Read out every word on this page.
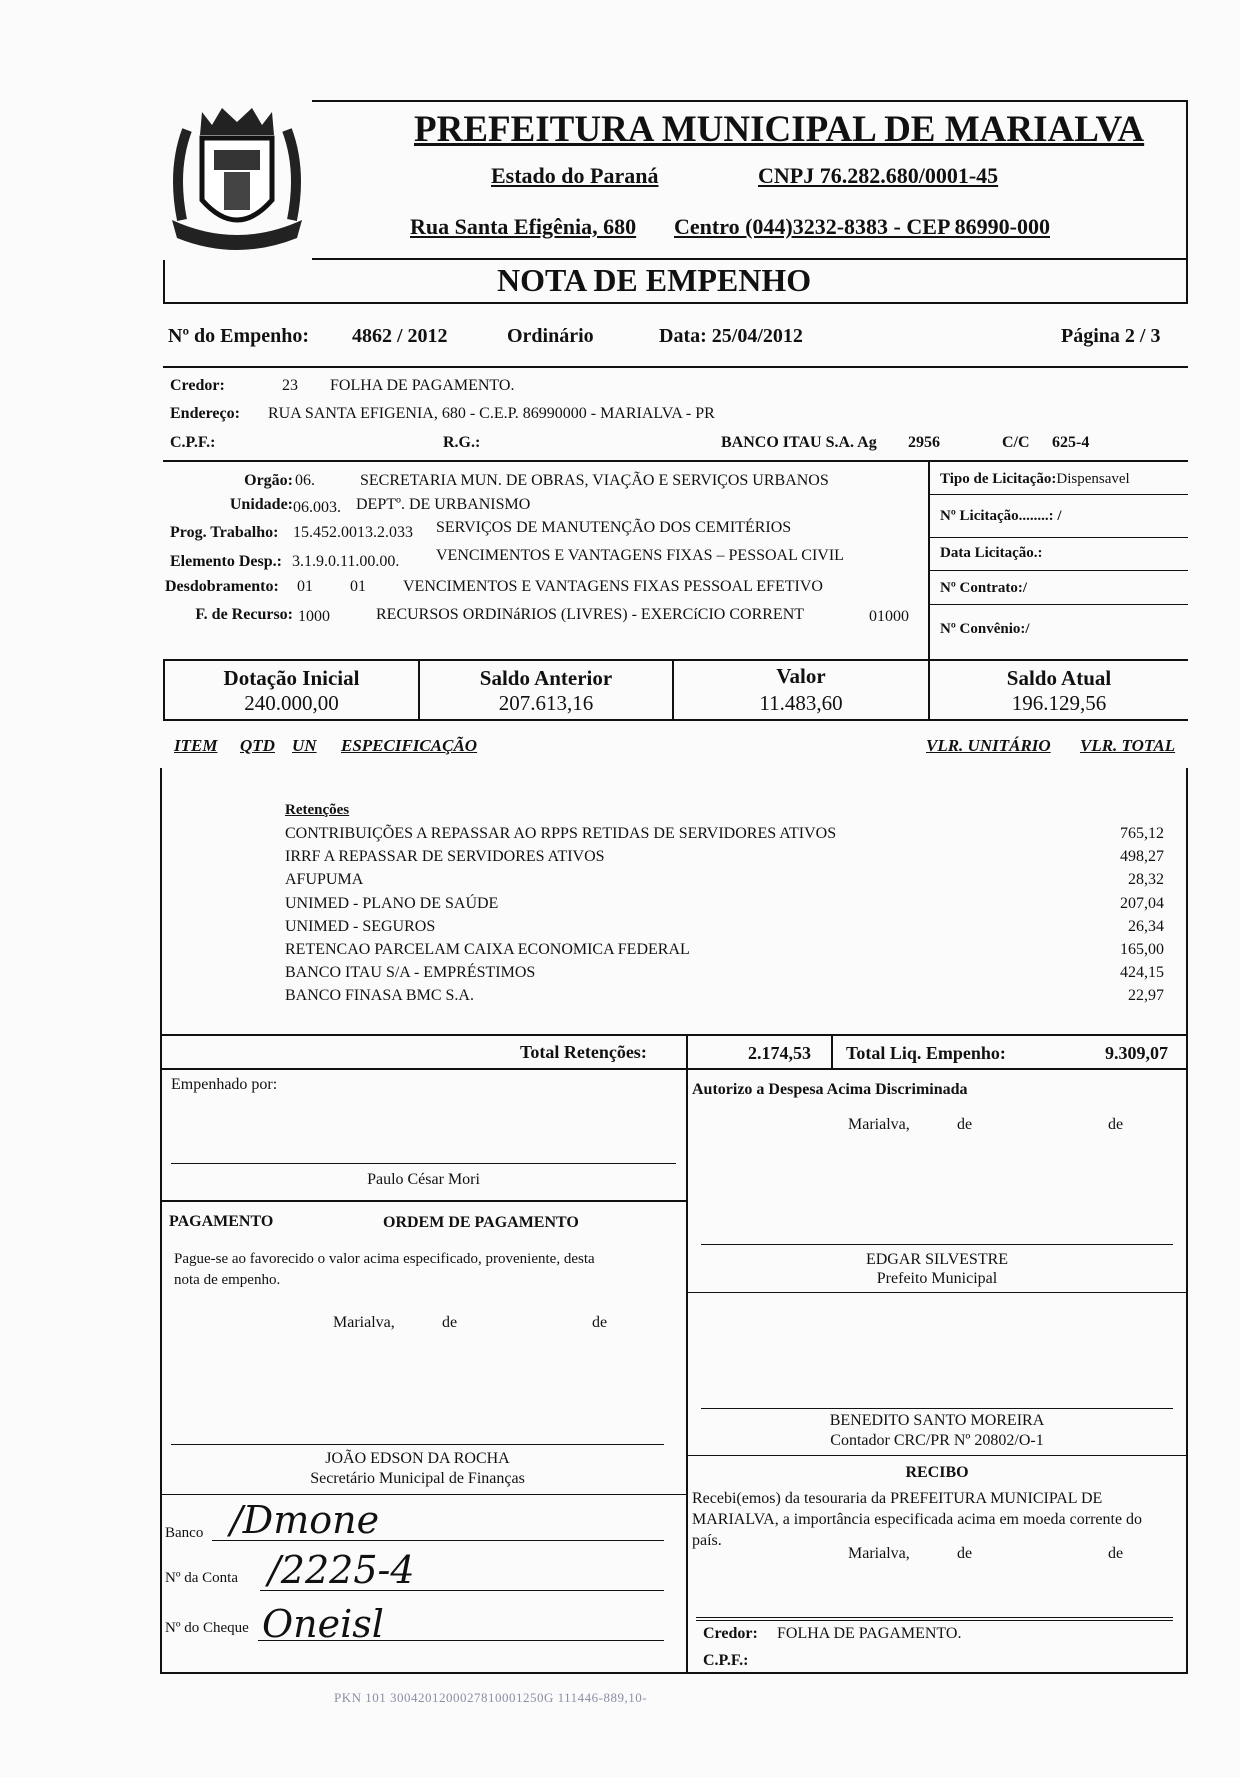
PREFEITURA MUNICIPAL DE MARIALVA
Estado do Paraná	CNPJ 76.282.680/0001-45
Rua Santa Efigênia, 680 Centro (044)3232-8383 - CEP 86990-000
NOTA DE EMPENHO
Nº do Empenho: 4862 / 2012	Ordinário	Data: 25/04/2012	Página 2 / 3
Credor:	23 FOLHA DE PAGAMENTO.
Endereço: RUA SANTA EFIGENIA, 680 - C.E.P. 86990000 - MARIALVA - PR
C.P.F.:	R.G.:	BANCO ITAU S.A. Ag 2956	C/C 625-4
Orgão: 06.	SECRETARIA MUN. DE OBRAS, VIAÇÃO E SERVIÇOS URBANOS
Unidade: 06.003. DEPTº. DE URBANISMO
Prog. Trabalho: 15.452.0013.2.033 SERVIÇOS DE MANUTENÇÃO DOS CEMITÉRIOS
Elemento Desp.: 3.1.9.0.11.00.00. VENCIMENTOS E VANTAGENS FIXAS – PESSOAL CIVIL
Desdobramento: 01 01 VENCIMENTOS E VANTAGENS FIXAS PESSOAL EFETIVO
F. de Recurso: 1000	RECURSOS ORDINáRIOS (LIVRES) - EXERCíCIO CORRENT	01000
Tipo de Licitação:Dispensavel
Nº Licitação........: /
Data Licitação.:
Nº Contrato:/
Nº Convênio:/
Dotação Inicial
240.000,00
Saldo Anterior
207.613,16
Valor
11.483,60
Saldo Atual
196.129,56
ITEM QTD UN ESPECIFICAÇÃO	VLR. UNITÁRIO VLR. TOTAL
Retenções
CONTRIBUIÇÕES A REPASSAR AO RPPS RETIDAS DE SERVIDORES ATIVOS	765,12
IRRF A REPASSAR DE SERVIDORES ATIVOS	498,27
AFUPUMA	28,32
UNIMED - PLANO DE SAÚDE	207,04
UNIMED - SEGUROS	26,34
RETENCAO PARCELAM CAIXA ECONOMICA FEDERAL	165,00
BANCO ITAU S/A - EMPRÉSTIMOS	424,15
BANCO FINASA BMC S.A.	22,97
Total Retenções:	2.174,53 Total Liq. Empenho:	9.309,07
Empenhado por:
Paulo César Mori
Autorizo a Despesa Acima Discriminada
Marialva,	de	de
PAGAMENTO	ORDEM DE PAGAMENTO
Pague-se ao favorecido o valor acima especificado, proveniente, desta
nota de empenho.
Marialva,	de	de
EDGAR SILVESTRE
Prefeito Municipal
BENEDITO SANTO MOREIRA
Contador CRC/PR Nº 20802/O-1
JOÃO EDSON DA ROCHA
Secretário Municipal de Finanças	RECIBO
Recebi(emos) da tesouraria da PREFEITURA MUNICIPAL DE
MARIALVA, a importância especificada acima em moeda corrente do
país.
Marialva,	de	de
Credor: FOLHA DE PAGAMENTO.
C.P.F.:
Banco /Dmone
Nº da Conta /2225-4
Nº do Cheque Oneisl
PKN 101 3004201200027810001250G 111446-889,10-
